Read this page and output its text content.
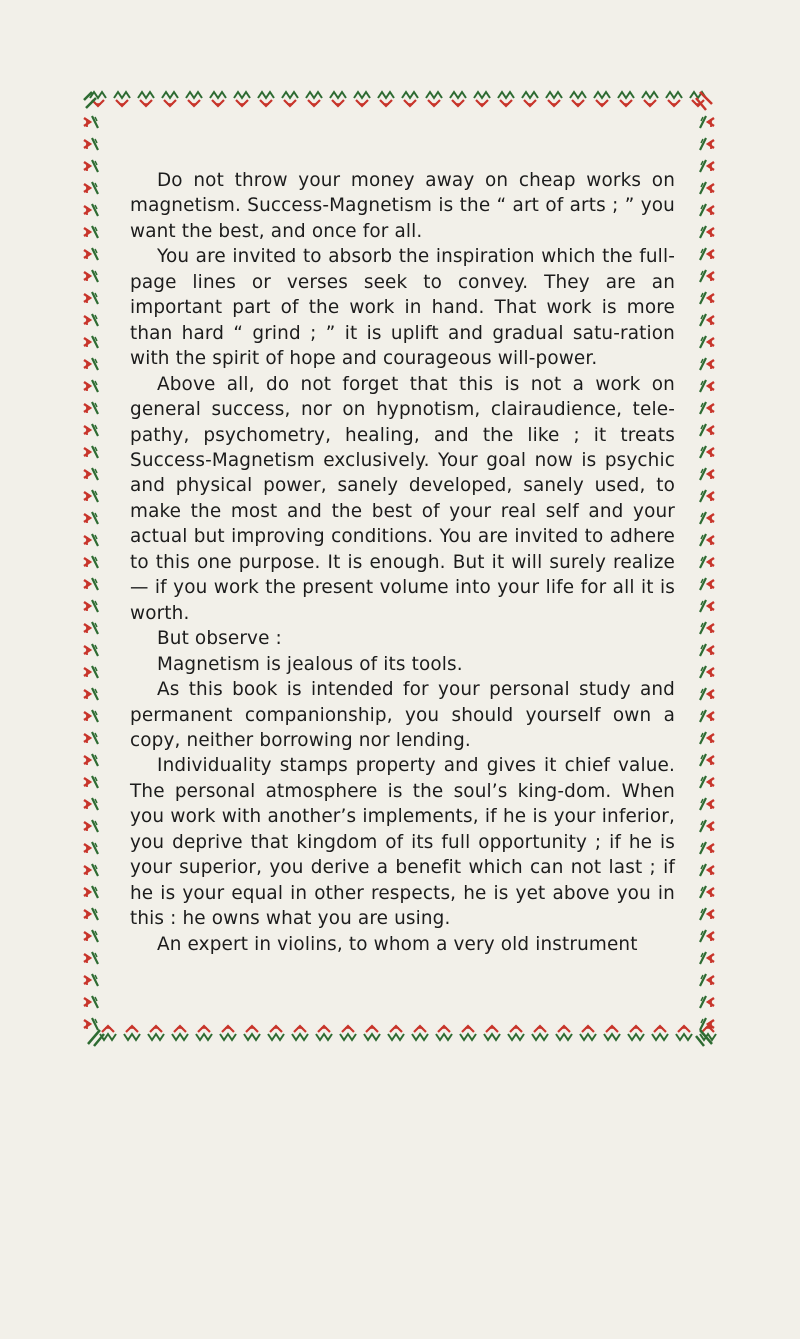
Do not throw your money away on cheap works on magnetism. Success-Magnetism is the “ art of arts ; ” you want the best, and once for all.

You are invited to absorb the inspiration which the full-page lines or verses seek to convey. They are an important part of the work in hand. That work is more than hard “ grind ; ” it is uplift and gradual satu-ration with the spirit of hope and courageous will-power.

Above all, do not forget that this is not a work on general success, nor on hypnotism, clairaudience, tele-pathy, psychometry, healing, and the like ; it treats Success-Magnetism exclusively. Your goal now is psychic and physical power, sanely developed, sanely used, to make the most and the best of your real self and your actual but improving conditions. You are invited to adhere to this one purpose. It is enough. But it will surely realize — if you work the present volume into your life for all it is worth.

But observe :

Magnetism is jealous of its tools.

As this book is intended for your personal study and permanent companionship, you should yourself own a copy, neither borrowing nor lending.

Individuality stamps property and gives it chief value. The personal atmosphere is the soul’s king-dom. When you work with another’s implements, if he is your inferior, you deprive that kingdom of its full opportunity ; if he is your superior, you derive a benefit which can not last ; if he is your equal in other respects, he is yet above you in this : he owns what you are using.

An expert in violins, to whom a very old instrument
